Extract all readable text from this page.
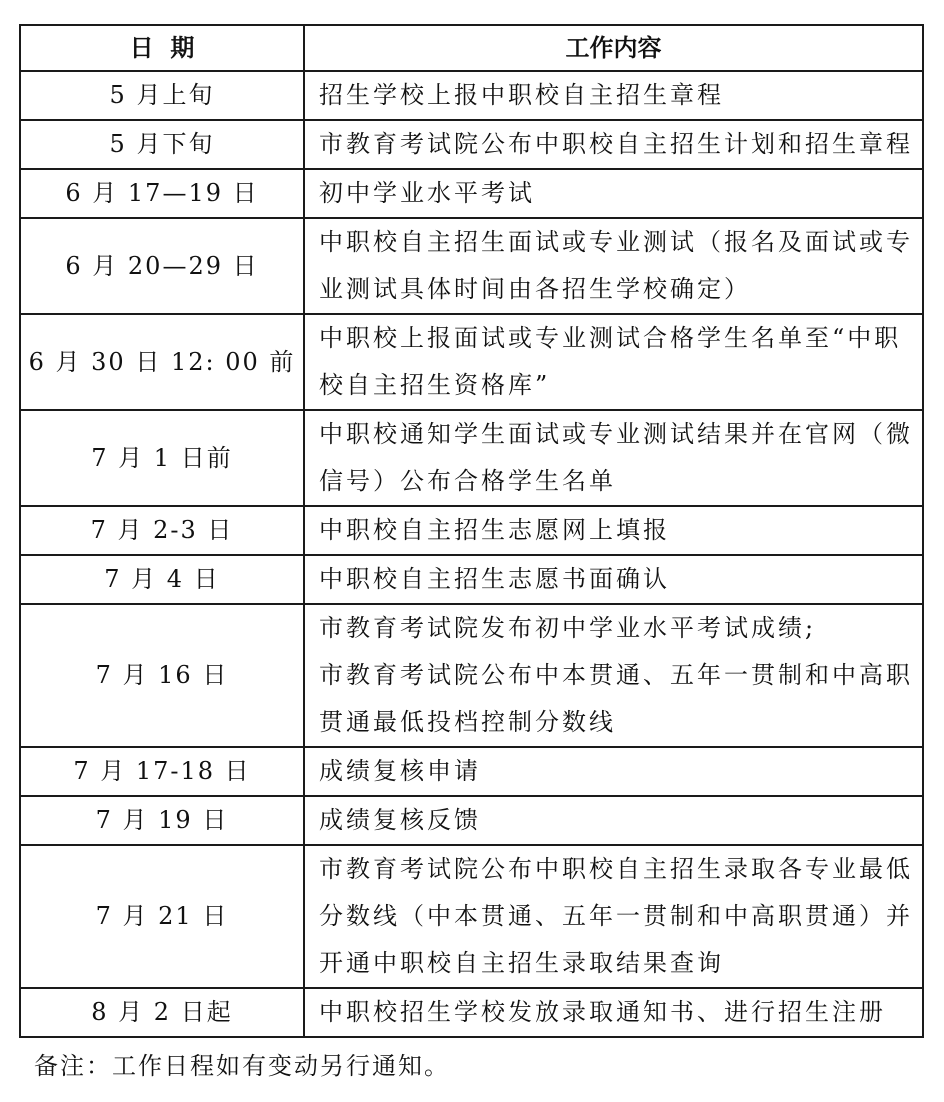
日  期	工作内容
5 月上旬	招生学校上报中职校自主招生章程

5 月下旬	市教育考试院公布中职校自主招生计划和招生章程

6 月 17—19 日	初中学业水平考试

6 月 20—29 日	中职校自主招生面试或专业测试（报名及面试或专
业测试具体时间由各招生学校确定）

6 月 30 日 12: 00 前	中职校上报面试或专业测试合格学生名单至“中职
校自主招生资格库”

7 月 1 日前	中职校通知学生面试或专业测试结果并在官网（微
信号）公布合格学生名单

7 月 2-3 日	中职校自主招生志愿网上填报

7 月 4 日	中职校自主招生志愿书面确认

7 月 16 日	市教育考试院发布初中学业水平考试成绩;
市教育考试院公布中本贯通、五年一贯制和中高职
贯通最低投档控制分数线

7 月 17-18 日	成绩复核申请

7 月 19 日	成绩复核反馈

7 月 21 日	市教育考试院公布中职校自主招生录取各专业最低
分数线（中本贯通、五年一贯制和中高职贯通）并
开通中职校自主招生录取结果查询

8 月 2 日起	中职校招生学校发放录取通知书、进行招生注册
备注：工作日程如有变动另行通知。
